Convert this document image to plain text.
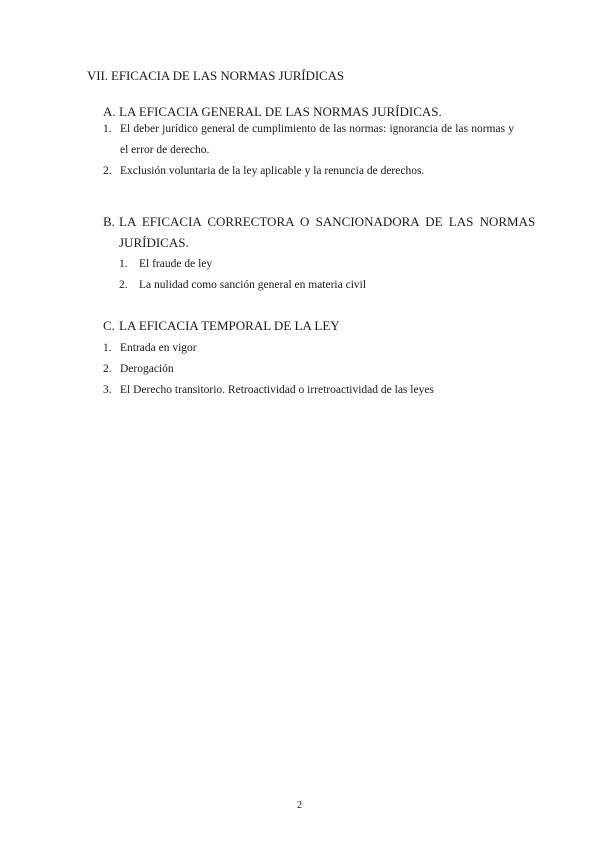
VII. EFICACIA DE LAS NORMAS JURÍDICAS
A. LA EFICACIA GENERAL DE LAS NORMAS JURÍDICAS.
1. El deber jurídico general de cumplimiento de las normas: ignorancia de las normas y el error de derecho.
2. Exclusión voluntaria de la ley aplicable y la renuncia de derechos.
B. LA EFICACIA CORRECTORA O SANCIONADORA DE LAS NORMAS
JURÍDICAS.
1. El fraude de ley
2. La nulidad como sanción general en materia civil
C. LA EFICACIA TEMPORAL DE LA LEY
1. Entrada en vigor
2. Derogación
3. El Derecho transitorio. Retroactividad o irretroactividad de las leyes
2
